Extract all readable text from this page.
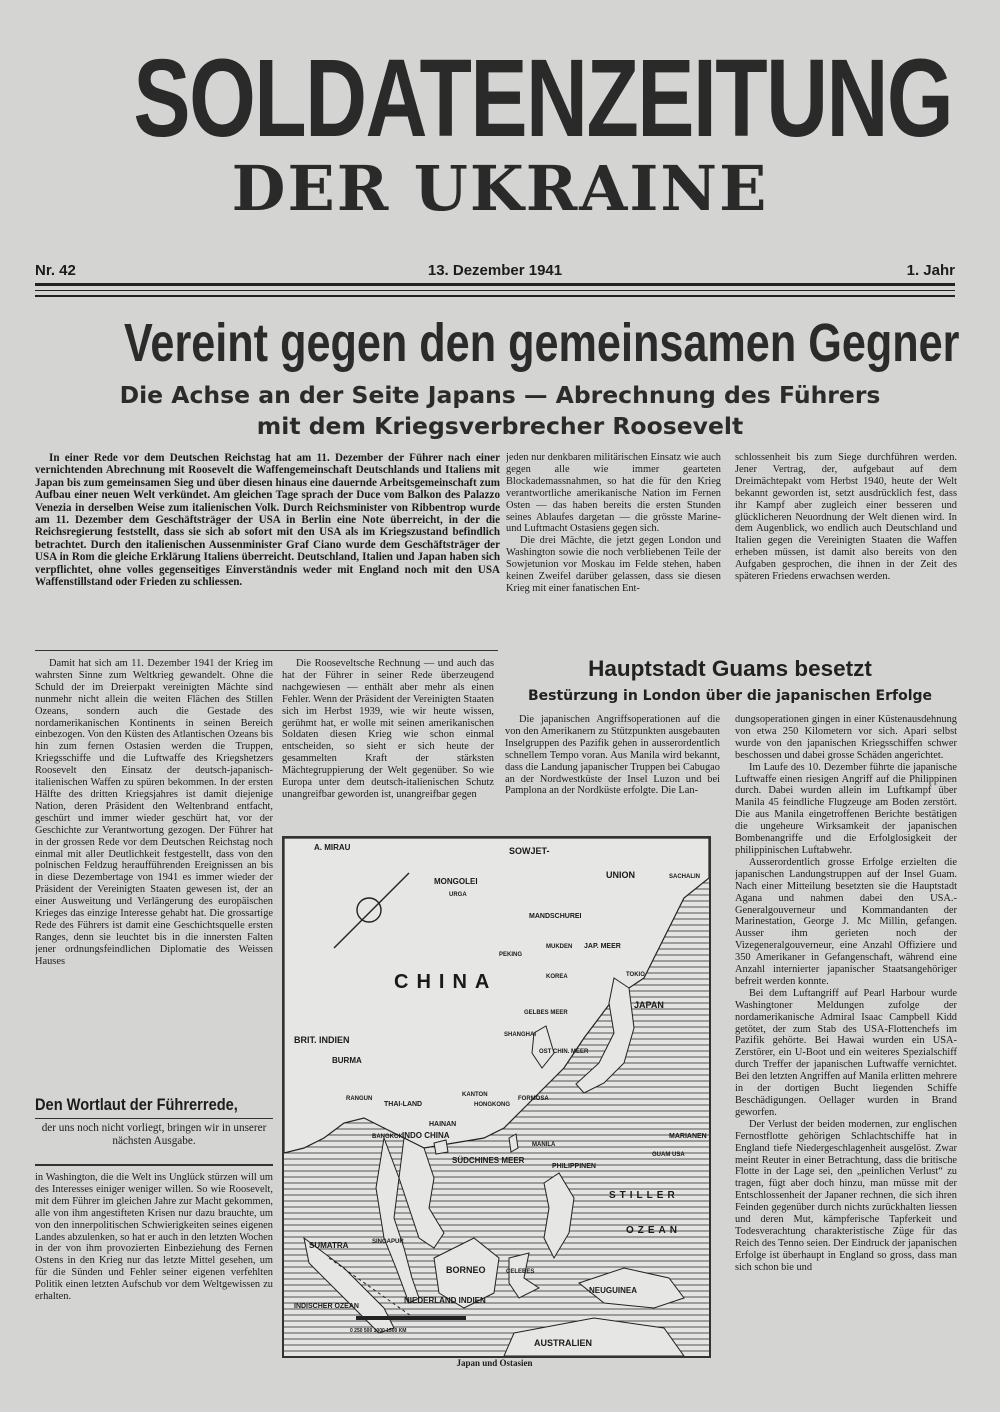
SOLDATENZEITUNG
DER UKRAINE
Nr. 42	13. Dezember 1941	1. Jahr
Vereint gegen den gemeinsamen Gegner
Die Achse an der Seite Japans — Abrechnung des Führers
mit dem Kriegsverbrecher Roosevelt

In einer Rede vor dem Deutschen Reichstag hat am 11. Dezember der Führer nach einer vernichtenden Abrechnung mit Roosevelt die Waffengemeinschaft Deutschlands und Italiens mit Japan bis zum gemeinsamen Sieg und über diesen hinaus eine dauernde Arbeitsgemeinschaft zum Aufbau einer neuen Welt verkündet. Am gleichen Tage sprach der Duce vom Balkon des Palazzo Venezia in derselben Weise zum italienischen Volk. Durch Reichsminister von Ribbentrop wurde am 11. Dezember dem Geschäftsträger der USA in Berlin eine Note überreicht, in der die Reichsregierung feststellt, dass sie sich ab sofort mit den USA als im Kriegszustand befindlich betrachtet. Durch den italienischen Aussenminister Graf Ciano wurde dem Geschäftsträger der USA in Rom die gleiche Erklärung Italiens überreicht. Deutschland, Italien und Japan haben sich verpflichtet, ohne volles gegenseitiges Einverständnis weder mit England noch mit den USA Waffenstillstand oder Frieden zu schliessen.

jeden nur denkbaren militärischen Einsatz wie auch gegen alle wie immer gearteten Blockademassnahmen, so hat die für den Krieg verantwortliche amerikanische Nation im Fernen Osten — das haben bereits die ersten Stunden seines Ablaufes dargetan — die grösste Marine- und Luftmacht Ostasiens gegen sich.

Die drei Mächte, die jetzt gegen London und Washington sowie die noch verbliebenen Teile der Sowjetunion vor Moskau im Felde stehen, haben keinen Zweifel darüber gelassen, dass sie diesen Krieg mit einer fanatischen Ent-

schlossenheit bis zum Siege durchführen werden. Jener Vertrag, der, aufgebaut auf dem Dreimächtepakt vom Herbst 1940, heute der Welt bekannt geworden ist, setzt ausdrücklich fest, dass ihr Kampf aber zugleich einer besseren und glücklicheren Neuordnung der Welt dienen wird. In dem Augenblick, wo endlich auch Deutschland und Italien gegen die Vereinigten Staaten die Waffen erheben müssen, ist damit also bereits von den Aufgaben gesprochen, die ihnen in der Zeit des späteren Friedens erwachsen werden.

Damit hat sich am 11. Dezember 1941 der Krieg im wahrsten Sinne zum Weltkrieg gewandelt. Ohne die Schuld der im Dreierpakt vereinigten Mächte sind nunmehr nicht allein die weiten Flächen des Stillen Ozeans, sondern auch die Gestade des nordamerikanischen Kontinents in seinen Bereich einbezogen. Von den Küsten des Atlantischen Ozeans bis hin zum fernen Ostasien werden die Truppen, Kriegsschiffe und die Luftwaffe des Kriegshetzers Roosevelt den Einsatz der deutsch-japanisch-italienischen Waffen zu spüren bekommen. In der ersten Hälfte des dritten Kriegsjahres ist damit diejenige Nation, deren Präsident den Weltenbrand entfacht, geschürt und immer wieder geschürt hat, vor der Geschichte zur Verantwortung gezogen. Der Führer hat in der grossen Rede vor dem Deutschen Reichstag noch einmal mit aller Deutlichkeit festgestellt, dass von den polnischen Feldzug heraufführenden Ereignissen an bis in diese Dezembertage von 1941 es immer wieder der Präsident der Vereinigten Staaten gewesen ist, der an einer Ausweitung und Verlängerung des europäischen Krieges das einzige Interesse gehabt hat. Die grossartige Rede des Führers ist damit eine Geschichtsquelle ersten Ranges, denn sie leuchtet bis in die innersten Falten jener ordnungsfeindlichen Diplomatie des Weissen Hauses

Die Rooseveltsche Rechnung — und auch das hat der Führer in seiner Rede überzeugend nachgewiesen — enthält aber mehr als einen Fehler. Wenn der Präsident der Vereinigten Staaten sich im Herbst 1939, wie wir heute wissen, gerühmt hat, er wolle mit seinen amerikanischen Soldaten diesen Krieg wie schon einmal entscheiden, so sieht er sich heute der gesammelten Kraft der stärksten Mächtegruppierung der Welt gegenüber. So wie Europa unter dem deutsch-italienischen Schutz unangreifbar geworden ist, unangreifbar gegen

Den Wortlaut der Führerrede,
der uns noch nicht vorliegt, bringen wir in unserer nächsten Ausgabe.

in Washington, die die Welt ins Unglück stürzen will um des Interesses einiger weniger willen. So wie Roosevelt, mit dem Führer im gleichen Jahre zur Macht gekommen, alle von ihm angestifteten Krisen nur dazu brauchte, um von den innerpolitischen Schwierigkeiten seines eigenen Landes abzulenken, so hat er auch in den letzten Wochen in der von ihm provozierten Einbeziehung des Fernen Ostens in den Krieg nur das letzte Mittel gesehen, um für die Sünden und Fehler seiner eigenen verfehlten Politik einen letzten Aufschub vor dem Weltgewissen zu erhalten.

Hauptstadt Guams besetzt
Bestürzung in London über die japanischen Erfolge

Die japanischen Angriffsoperationen auf die von den Amerikanern zu Stützpunkten ausgebauten Inselgruppen des Pazifik gehen in ausserordentlich schnellem Tempo voran. Aus Manila wird bekannt, dass die Landung japanischer Truppen bei Cabugao an der Nordwestküste der Insel Luzon und bei Pamplona an der Nordküste erfolgte. Die Lan-

dungsoperationen gingen in einer Küstenausdehnung von etwa 250 Kilometern vor sich. Apari selbst wurde von den japanischen Kriegsschiffen schwer beschossen und dabei grosse Schäden angerichtet.

Im Laufe des 10. Dezember führte die japanische Luftwaffe einen riesigen Angriff auf die Philippinen durch. Dabei wurden allein im Luftkampf über Manila 45 feindliche Flugzeuge am Boden zerstört. Die aus Manila eingetroffenen Berichte bestätigen die ungeheure Wirksamkeit der japanischen Bombenangriffe und die Erfolglosigkeit der philippinischen Luftabwehr.

Ausserordentlich grosse Erfolge erzielten die japanischen Landungstruppen auf der Insel Guam. Nach einer Mitteilung besetzten sie die Hauptstadt Agana und nahmen dabei den USA.-Generalgouverneur und Kommandanten der Marinestation, George J. Mc Millin, gefangen. Ausser ihm gerieten noch der Vizegeneralgouverneur, eine Anzahl Offiziere und 350 Amerikaner in Gefangenschaft, während eine Anzahl internierter japanischer Staatsangehöriger befreit werden konnte.

Bei dem Luftangriff auf Pearl Harbour wurde Washingtoner Meldungen zufolge der nordamerikanische Admiral Isaac Campbell Kidd getötet, der zum Stab des USA-Flottenchefs im Pazifik gehörte. Bei Hawai wurden ein USA-Zerstörer, ein U-Boot und ein weiteres Spezialschiff durch Treffer der japanischen Luftwaffe vernichtet. Bei den letzten Angriffen auf Manila erlitten mehrere in der dortigen Bucht liegenden Schiffe Beschädigungen. Oellager wurden in Brand geworfen.

Der Verlust der beiden modernen, zur englischen Fernostflotte gehörigen Schlachtschiffe hat in England tiefe Niedergeschlagenheit ausgelöst. Zwar meint Reuter in einer Betrachtung, dass die britische Flotte in der Lage sei, den „peinlichen Verlust“ zu tragen, fügt aber doch hinzu, man müsse mit der Entschlossenheit der Japaner rechnen, die sich ihren Feinden gegenüber durch nichts zurückhalten liessen und deren Mut, kämpferische Tapferkeit und Todesverachtung charakteristische Züge für das Reich des Tenno seien. Der Eindruck der japanischen Erfolge ist überhaupt in England so gross, dass man sich schon bie und

A. MIRAU	SOWJET-
UNION
MONGOLEI
URGA
MANDSCHUREI
SACHALIN
CHINA
MUKDEN
PEKING
KOREA
JAP. MEER
JAPAN
TOKIO
GELBES MEER
SHANGHAI
OST CHIN. MEER
BRIT. INDIEN
BURMA
RANGUN
KANTON
HONGKONG
FORMOSA
HAINAN
THAI-LAND
BANGKOK INDO CHINA
SÜDCHINES MEER
PHILIPPINEN
MANILA
MARIANEN
GUAM USA
STILLER
OZEAN
SINGAPUR
SUMATRA
BORNEO	CELEBES
NIEDERLAND INDIEN
NEUGUINEA
INDISCHER OZEAN
AUSTRALIEN
0 250 500 1000 1500 KM
Japan und Ostasien
